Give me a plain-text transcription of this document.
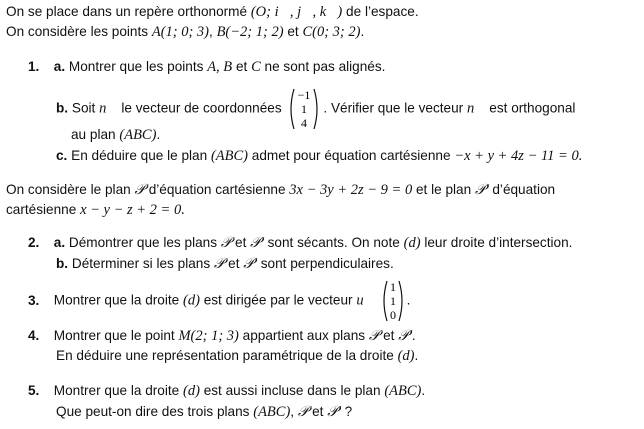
On se place dans un repère orthonormé (O; i⃗, j⃗, k⃗) de l’espace.
On considère les points A(1; 0; 3), B(−2; 1; 2) et C(0; 3; 2).
1. a. Montrer que les points A, B et C ne sont pas alignés.
b. Soit n⃗ le vecteur de coordonnées
−1
1
4
. Vérifier que le vecteur n⃗ est orthogonal
au plan (ABC).
c. En déduire que le plan (ABC) admet pour équation cartésienne −x + y + 4z − 11 = 0.
On considère le plan 𝒫 d’équation cartésienne 3x − 3y + 2z − 9 = 0 et le plan 𝒫′ d’équation
cartésienne x − y − z + 2 = 0.
2. a. Démontrer que les plans 𝒫 et 𝒫′ sont sécants. On note (d) leur droite d’intersection.
b. Déterminer si les plans 𝒫 et 𝒫′ sont perpendiculaires.
3. Montrer que la droite (d) est dirigée par le vecteur u⃗
1
1
0
.
4. Montrer que le point M(2; 1; 3) appartient aux plans 𝒫 et 𝒫′.
En déduire une représentation paramétrique de la droite (d).
5. Montrer que la droite (d) est aussi incluse dans le plan (ABC).
Que peut-on dire des trois plans (ABC), 𝒫 et 𝒫′ ?
